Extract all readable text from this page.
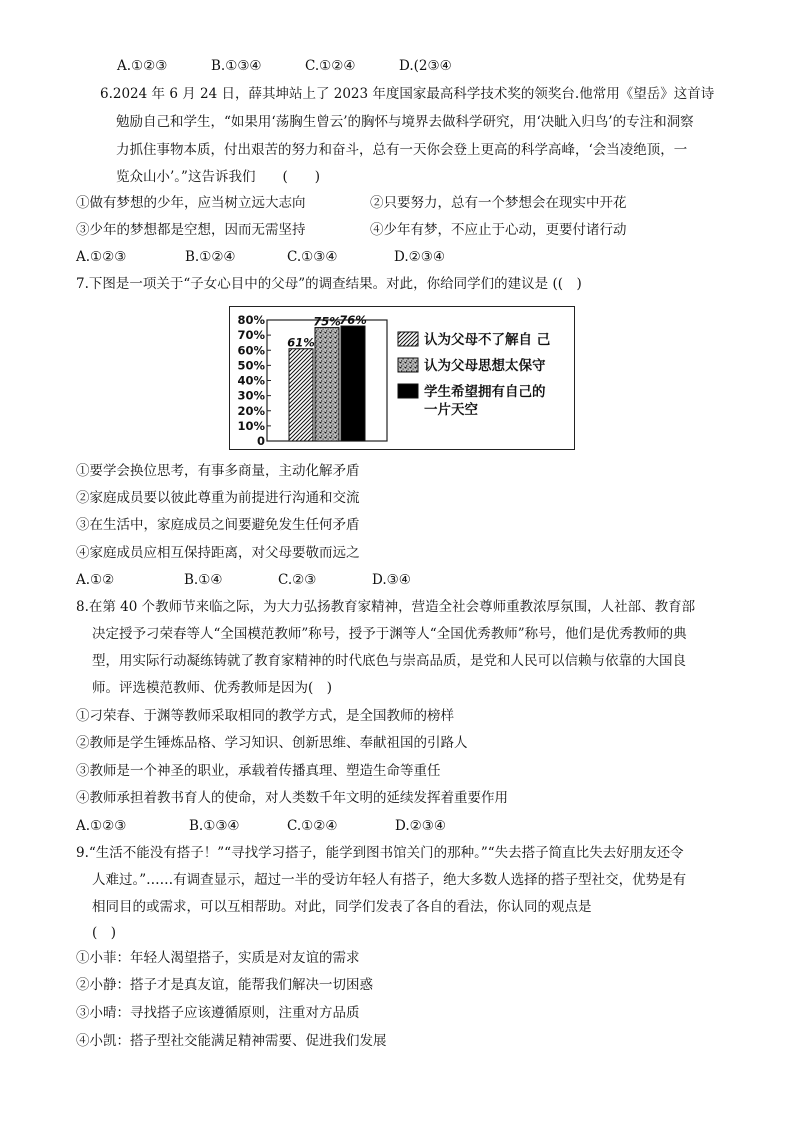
A.①②③	B.①③④	C.①②④	D.(2③④
6.2024 年 6 月 24 日，薛其坤站上了 2023 年度国家最高科学技术奖的领奖台.他常用《望岳》这首诗
勉励自己和学生，“如果用‘荡胸生曾云’的胸怀与境界去做科学研究，用‘决眦入归鸟’的专注和洞察
力抓住事物本质，付出艰苦的努力和奋斗，总有一天你会登上更高的科学高峰，‘会当凌绝顶，一
览众山小’。”这告诉我们　　(　　)
①做有梦想的少年，应当树立远大志向	②只要努力，总有一个梦想会在现实中开花
③少年的梦想都是空想，因而无需坚持	④少年有梦，不应止于心动，更要付诸行动
A.①②③	B.①②④	C.①③④	D.②③④
7.下图是一项关于“子女心目中的父母”的调查结果。对此，你给同学们的建议是 ((　)
80%
70%
60%
50%
40%
30%
20%
10%
0
61%
75%
76%
认为父母不了解自 己
认为父母思想太保守
学生希望拥有自己的
一片天空
①要学会换位思考，有事多商量，主动化解矛盾
②家庭成员要以彼此尊重为前提进行沟通和交流
③在生活中，家庭成员之间要避免发生任何矛盾
④家庭成员应相互保持距离，对父母要敬而远之
A.①②	B.①④	C.②③	D.③④
8.在第 40 个教师节来临之际，为大力弘扬教育家精神，营造全社会尊师重教浓厚氛围，人社部、教育部
决定授予刁荣春等人“全国模范教师”称号，授予于渊等人“全国优秀教师”称号，他们是优秀教师的典
型，用实际行动凝练铸就了教育家精神的时代底色与崇高品质，是党和人民可以信赖与依靠的大国良
师。评选模范教师、优秀教师是因为(　)
①刁荣春、于渊等教师采取相同的教学方式，是全国教师的榜样
②教师是学生锤炼品格、学习知识、创新思维、奉献祖国的引路人
③教师是一个神圣的职业，承载着传播真理、塑造生命等重任
④教师承担着教书育人的使命，对人类数千年文明的延续发挥着重要作用
A.①②③	B.①③④	C.①②④	D.②③④
9.“生活不能没有搭子！”“寻找学习搭子，能学到图书馆关门的那种。”“失去搭子简直比失去好朋友还令
人难过。”……有调查显示，超过一半的受访年轻人有搭子，绝大多数人选择的搭子型社交，优势是有
相同目的或需求，可以互相帮助。对此，同学们发表了各自的看法，你认同的观点是
(　)
①小菲：年轻人渴望搭子，实质是对友谊的需求
②小静：搭子才是真友谊，能帮我们解决一切困惑
③小晴：寻找搭子应该遵循原则，注重对方品质
④小凯：搭子型社交能满足精神需要、促进我们发展
